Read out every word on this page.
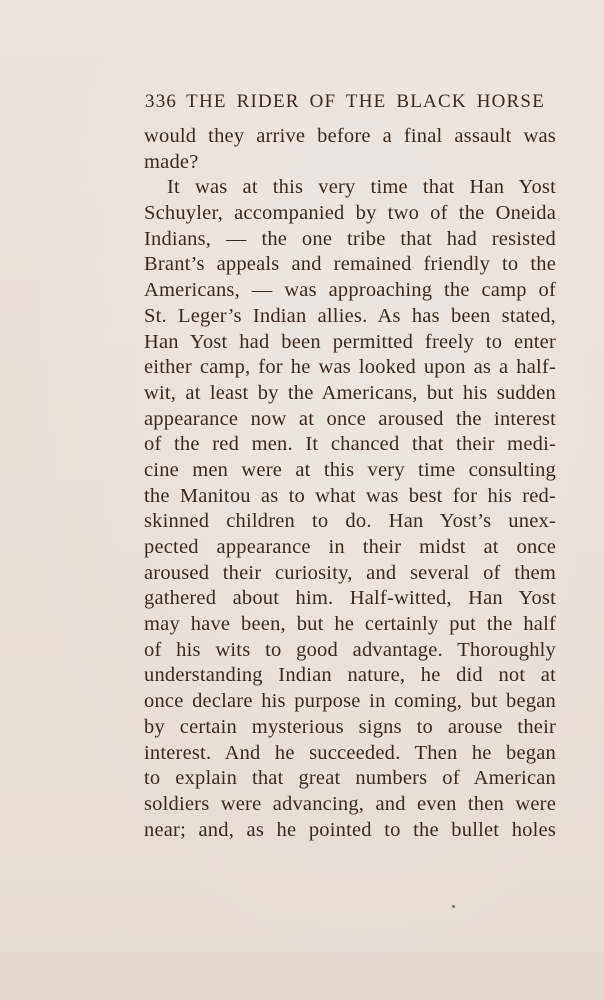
336 THE RIDER OF THE BLACK HORSE
would they arrive before a final assault was
made?
It was at this very time that Han Yost
Schuyler, accompanied by two of the Oneida
Indians, — the one tribe that had resisted
Brant’s appeals and remained friendly to the
Americans, — was approaching the camp of
St. Leger’s Indian allies. As has been stated,
Han Yost had been permitted freely to enter
either camp, for he was looked upon as a half-
wit, at least by the Americans, but his sudden
appearance now at once aroused the interest
of the red men. It chanced that their medi-
cine men were at this very time consulting
the Manitou as to what was best for his red-
skinned children to do. Han Yost’s unex-
pected appearance in their midst at once
aroused their curiosity, and several of them
gathered about him. Half-witted, Han Yost
may have been, but he certainly put the half
of his wits to good advantage. Thoroughly
understanding Indian nature, he did not at
once declare his purpose in coming, but began
by certain mysterious signs to arouse their
interest. And he succeeded. Then he began
to explain that great numbers of American
soldiers were advancing, and even then were
near; and, as he pointed to the bullet holes
